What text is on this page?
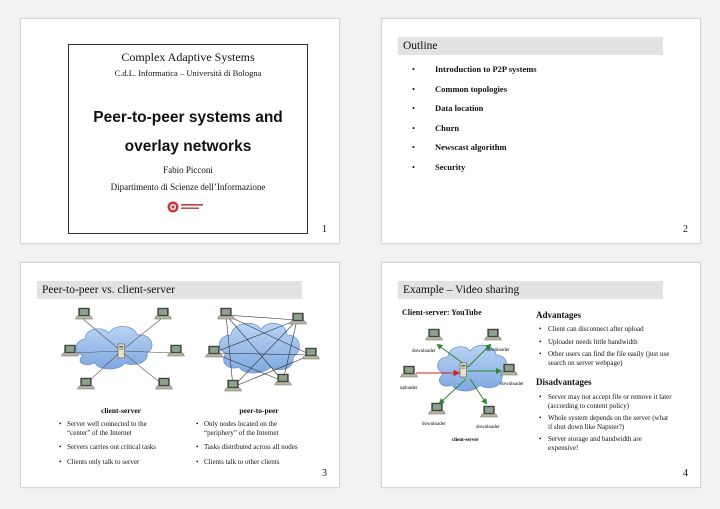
Complex Adaptive Systems
C.d.L. Informatica – Università di Bologna
Peer-to-peer systems and
overlay networks
Fabio Picconi
Dipartimento di Scienze dell’Informazione
1
Outline
• Introduction to P2P systems
• Common topologies
• Data location
• Churn
• Newscast algorithm
• Security
2
Peer-to-peer vs. client-server
client-server	peer-to-peer
• Server well connected to the “center” of the Internet
• Servers carries out critical tasks
• Clients only talk to server
• Only nodes located on the “periphery” of the Internet
• Tasks distributed across all nodes
• Clients talk to other clients
3
Example – Video sharing
Client-server: YouTube
downloader	downloader
downloader
uploader
downloader
downloader
client-server
Advantages
• Client can disconnect after upload
• Uploader needs little bandwidth
• Other users can find the file easily (just use search on server webpage)
Disadvantages
• Server may not accept file or remove it later (according to content policy)
• Whole system depends on the server (what if shut down like Napster?)
• Server storage and bandwidth are expensive!
4
